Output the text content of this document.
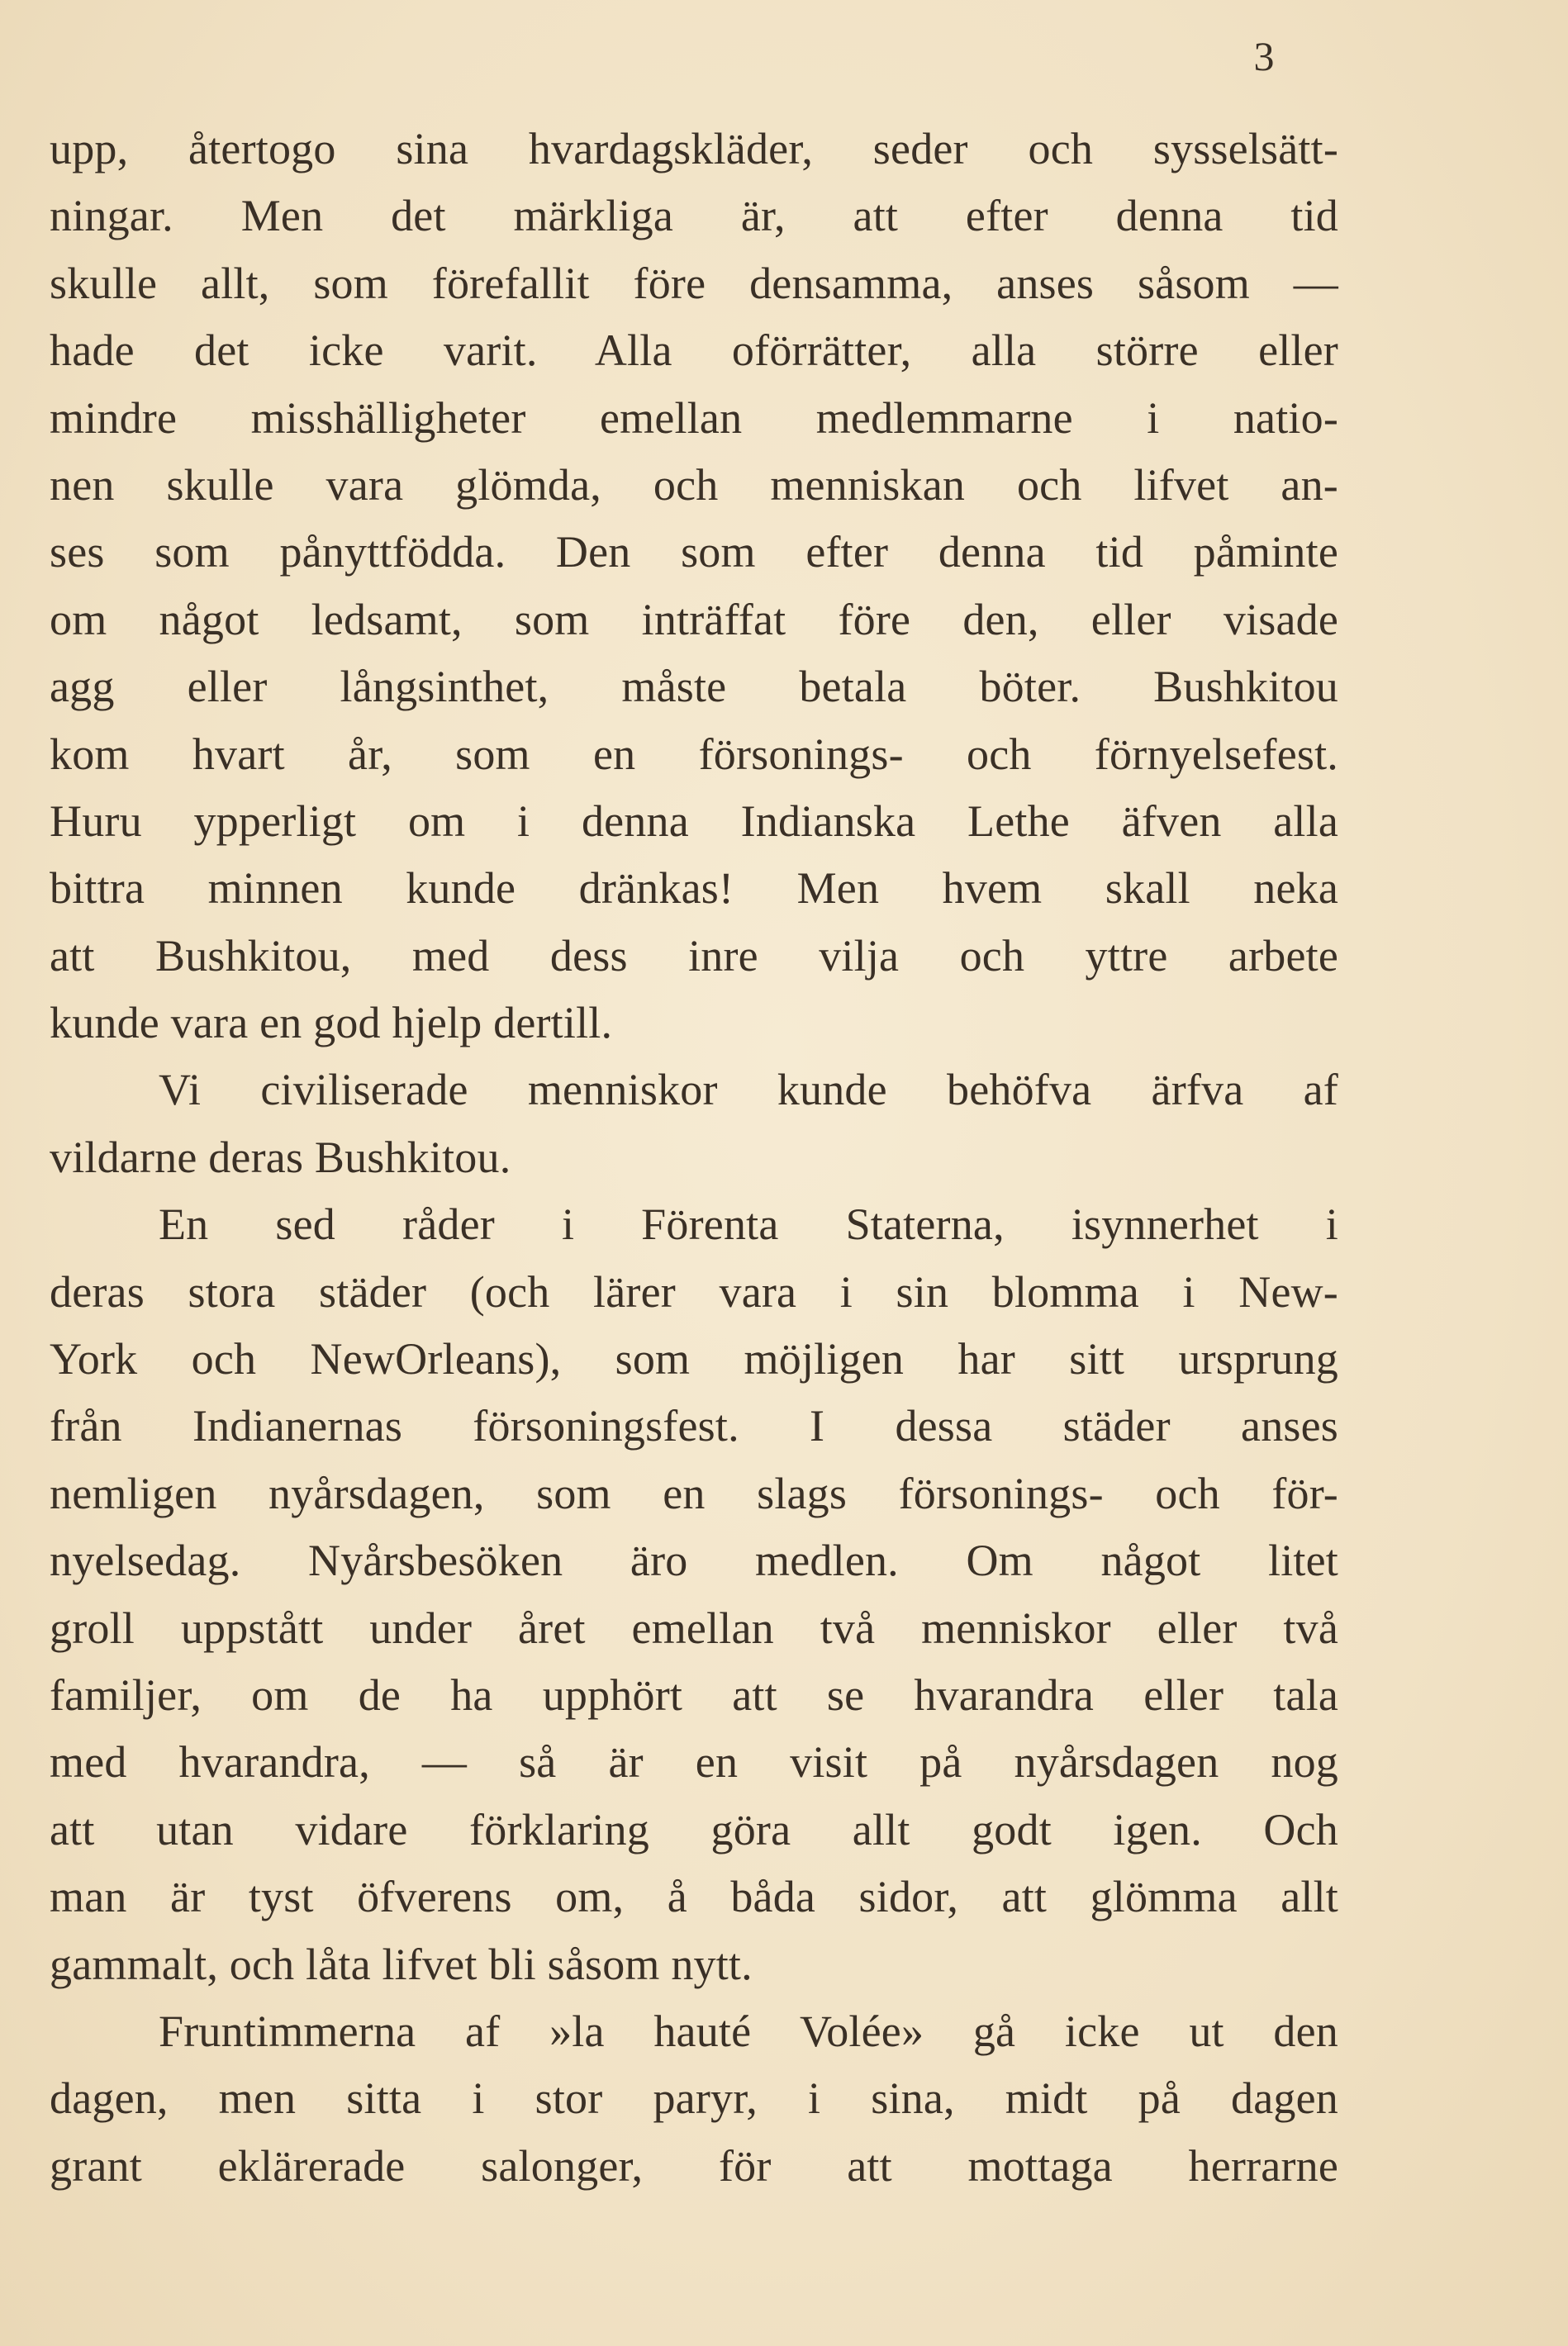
3
upp, återtogo sina hvardagskläder, seder och sysselsätt-
ningar. Men det märkliga är, att efter denna tid
skulle allt, som förefallit före densamma, anses såsom —
hade det icke varit. Alla oförrätter, alla större eller
mindre misshälligheter emellan medlemmarne i natio-
nen skulle vara glömda, och menniskan och lifvet an-
ses som pånyttfödda. Den som efter denna tid påminte
om något ledsamt, som inträffat före den, eller visade
agg eller långsinthet, måste betala böter. Bushkitou
kom hvart år, som en försonings- och förnyelsefest.
Huru ypperligt om i denna Indianska Lethe äfven alla
bittra minnen kunde dränkas! Men hvem skall neka
att Bushkitou, med dess inre vilja och yttre arbete
kunde vara en god hjelp dertill.
Vi civiliserade menniskor kunde behöfva ärfva af
vildarne deras Bushkitou.
En sed råder i Förenta Staterna, isynnerhet i
deras stora städer (och lärer vara i sin blomma i New-
York och NewOrleans), som möjligen har sitt ursprung
från Indianernas försoningsfest. I dessa städer anses
nemligen nyårsdagen, som en slags försonings- och för-
nyelsedag. Nyårsbesöken äro medlen. Om något litet
groll uppstått under året emellan två menniskor eller två
familjer, om de ha upphört att se hvarandra eller tala
med hvarandra, — så är en visit på nyårsdagen nog
att utan vidare förklaring göra allt godt igen. Och
man är tyst öfverens om, å båda sidor, att glömma allt
gammalt, och låta lifvet bli såsom nytt.
Fruntimmerna af »la hauté Volée» gå icke ut den
dagen, men sitta i stor paryr, i sina, midt på dagen
grant eklärerade salonger, för att mottaga herrarne
